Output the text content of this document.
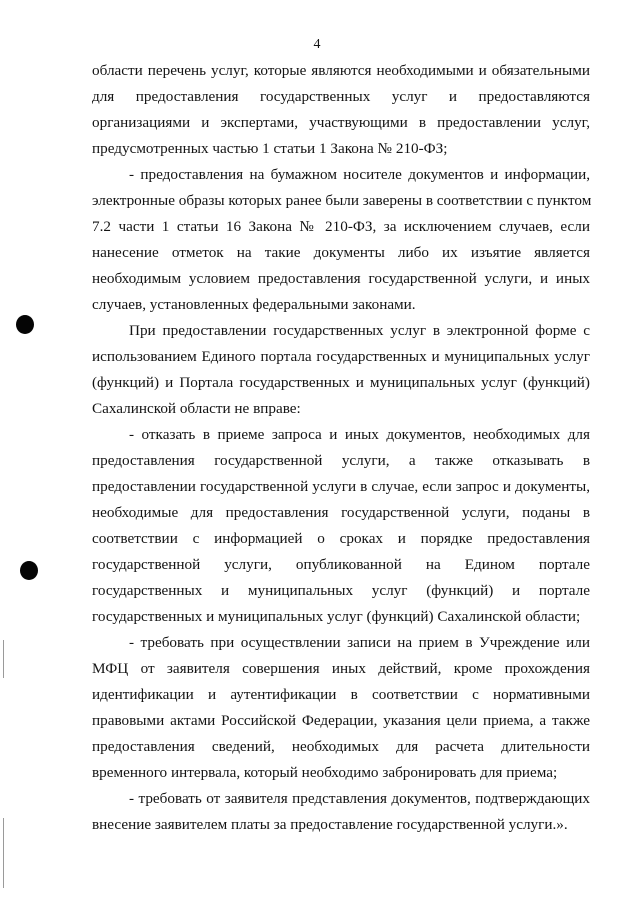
4
области перечень услуг, которые являются необходимыми и обязательными
для предоставления государственных услуг и предоставляются
организациями и экспертами, участвующими в предоставлении услуг,
предусмотренных частью 1 статьи 1 Закона № 210-ФЗ;
- предоставления на бумажном носителе документов и информации,
электронные образы которых ранее были заверены в соответствии с пунктом
7.2 части 1 статьи 16 Закона № 210-ФЗ, за исключением случаев, если
нанесение отметок на такие документы либо их изъятие является
необходимым условием предоставления государственной услуги, и иных
случаев, установленных федеральными законами.
При предоставлении государственных услуг в электронной форме с
использованием Единого портала государственных и муниципальных услуг
(функций) и Портала государственных и муниципальных услуг (функций)
Сахалинской области не вправе:
- отказать в приеме запроса и иных документов, необходимых для
предоставления государственной услуги, а также отказывать в
предоставлении государственной услуги в случае, если запрос и документы,
необходимые для предоставления государственной услуги, поданы в
соответствии с информацией о сроках и порядке предоставления
государственной услуги, опубликованной на Едином портале
государственных и муниципальных услуг (функций) и портале
государственных и муниципальных услуг (функций) Сахалинской области;
- требовать при осуществлении записи на прием в Учреждение или
МФЦ от заявителя совершения иных действий, кроме прохождения
идентификации и аутентификации в соответствии с нормативными
правовыми актами Российской Федерации, указания цели приема, а также
предоставления сведений, необходимых для расчета длительности
временного интервала, который необходимо забронировать для приема;
- требовать от заявителя представления документов, подтверждающих
внесение заявителем платы за предоставление государственной услуги.».
